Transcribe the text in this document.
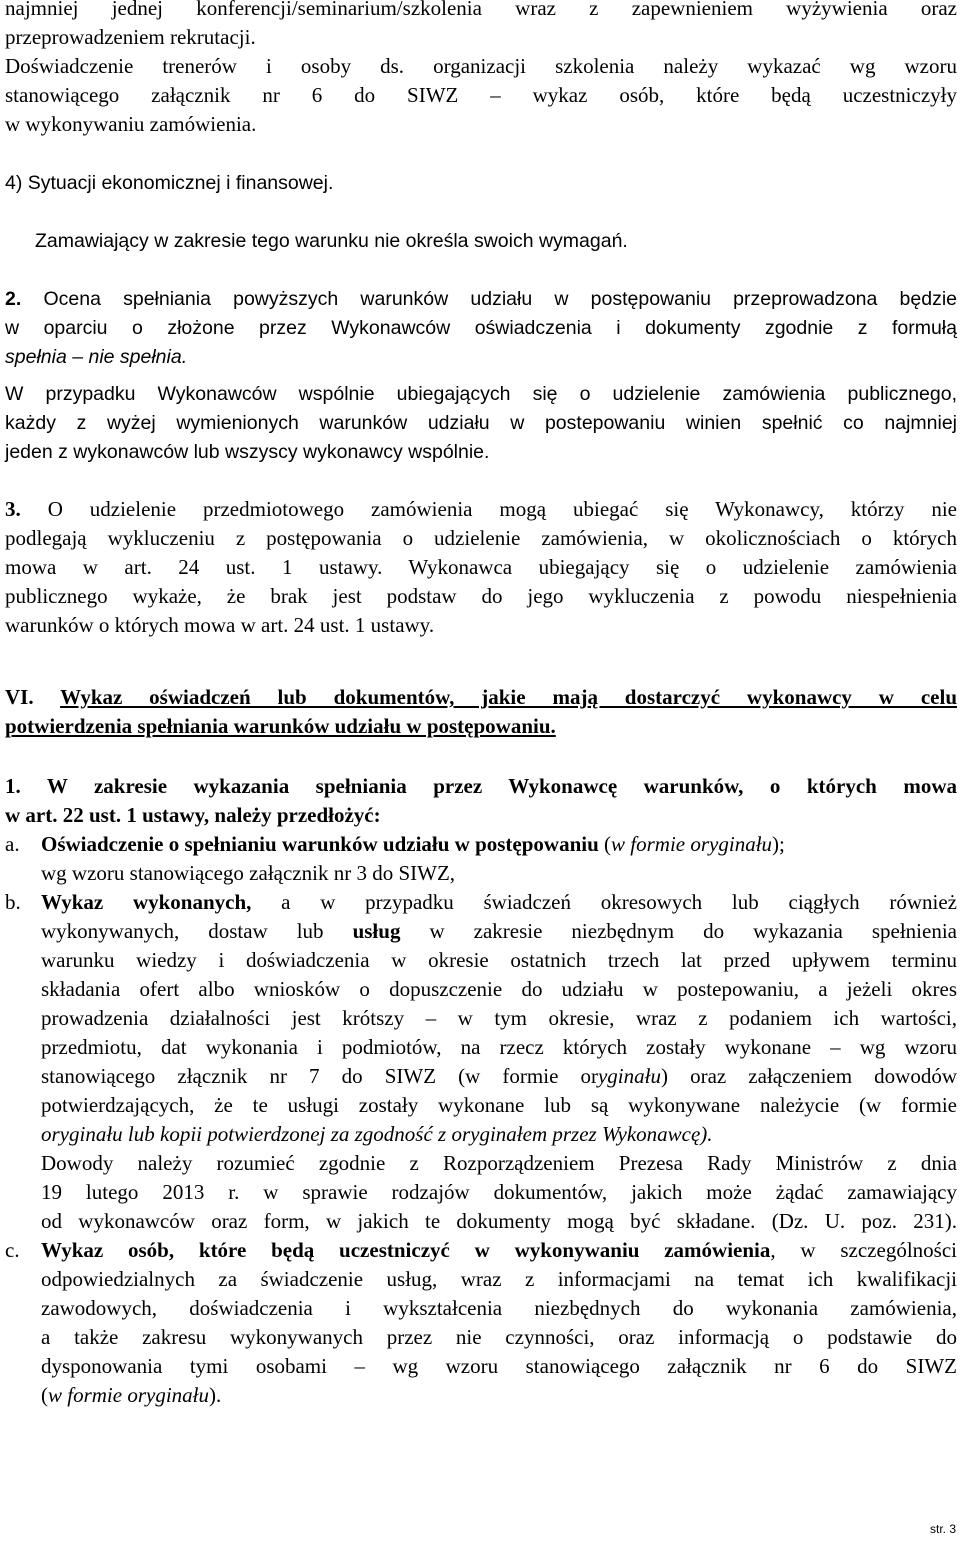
najmniej jednej konferencji/seminarium/szkolenia wraz z zapewnieniem wyżywienia oraz
przeprowadzeniem rekrutacji.
Doświadczenie trenerów i osoby ds. organizacji szkolenia należy wykazać wg wzoru
stanowiącego załącznik nr 6 do SIWZ – wykaz osób, które będą uczestniczyły
w wykonywaniu zamówienia.
4) Sytuacji ekonomicznej i finansowej.
Zamawiający w zakresie tego warunku nie określa swoich wymagań.
2. Ocena spełniania powyższych warunków udziału w postępowaniu przeprowadzona będzie
w oparciu o złożone przez Wykonawców oświadczenia i dokumenty zgodnie z formułą
spełnia – nie spełnia.
W przypadku Wykonawców wspólnie ubiegających się o udzielenie zamówienia publicznego,
każdy z wyżej wymienionych warunków udziału w postepowaniu winien spełnić co najmniej
jeden z wykonawców lub wszyscy wykonawcy wspólnie.
3. O udzielenie przedmiotowego zamówienia mogą ubiegać się Wykonawcy, którzy nie
podlegają wykluczeniu z postępowania o udzielenie zamówienia, w okolicznościach o których
mowa w art. 24 ust. 1 ustawy. Wykonawca ubiegający się o udzielenie zamówienia
publicznego wykaże, że brak jest podstaw do jego wykluczenia z powodu niespełnienia
warunków o których mowa w art. 24 ust. 1 ustawy.
VI. Wykaz oświadczeń lub dokumentów, jakie mają dostarczyć wykonawcy w celu
potwierdzenia spełniania warunków udziału w postępowaniu.
1. W zakresie wykazania spełniania przez Wykonawcę warunków, o których mowa
w art. 22 ust. 1 ustawy, należy przedłożyć:
a. Oświadczenie o spełnianiu warunków udziału w postępowaniu (w formie oryginału);
wg wzoru stanowiącego załącznik nr 3 do SIWZ,
b. Wykaz wykonanych, a w przypadku świadczeń okresowych lub ciągłych również
wykonywanych, dostaw lub usług w zakresie niezbędnym do wykazania spełnienia
warunku wiedzy i doświadczenia w okresie ostatnich trzech lat przed upływem terminu
składania ofert albo wniosków o dopuszczenie do udziału w postepowaniu, a jeżeli okres
prowadzenia działalności jest krótszy – w tym okresie, wraz z podaniem ich wartości,
przedmiotu, dat wykonania i podmiotów, na rzecz których zostały wykonane – wg wzoru
stanowiącego złącznik nr 7 do SIWZ (w formie oryginału) oraz załączeniem dowodów
potwierdzających, że te usługi zostały wykonane lub są wykonywane należycie (w formie
oryginału lub kopii potwierdzonej za zgodność z oryginałem przez Wykonawcę).
Dowody należy rozumieć zgodnie z Rozporządzeniem Prezesa Rady Ministrów z dnia
19 lutego 2013 r. w sprawie rodzajów dokumentów, jakich może żądać zamawiający
od wykonawców oraz form, w jakich te dokumenty mogą być składane. (Dz. U. poz. 231).
c. Wykaz osób, które będą uczestniczyć w wykonywaniu zamówienia, w szczególności
odpowiedzialnych za świadczenie usług, wraz z informacjami na temat ich kwalifikacji
zawodowych, doświadczenia i wykształcenia niezbędnych do wykonania zamówienia,
a także zakresu wykonywanych przez nie czynności, oraz informacją o podstawie do
dysponowania tymi osobami – wg wzoru stanowiącego załącznik nr 6 do SIWZ
(w formie oryginału).
str. 3
